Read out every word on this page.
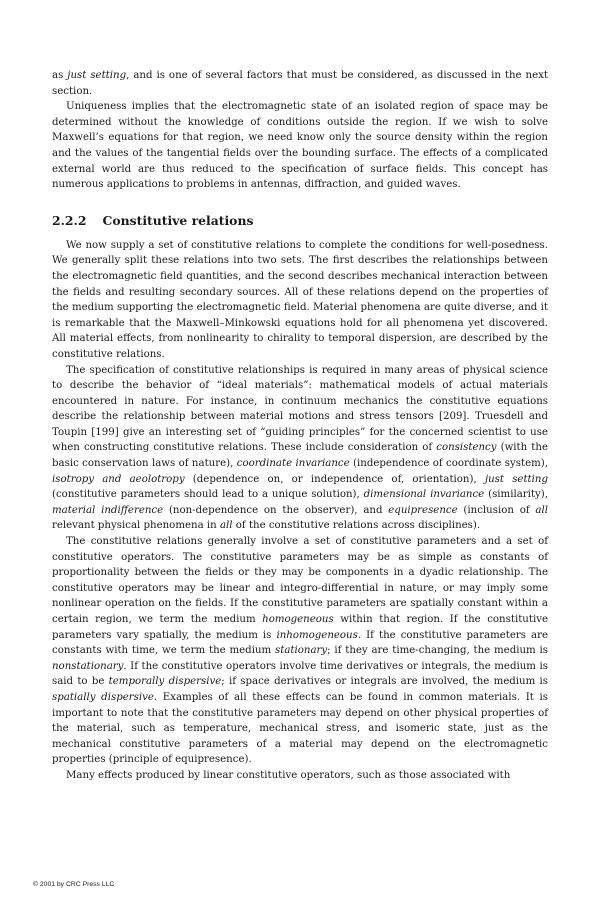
as just setting, and is one of several factors that must be considered, as discussed in the next section.

Uniqueness implies that the electromagnetic state of an isolated region of space may be determined without the knowledge of conditions outside the region. If we wish to solve Maxwell’s equations for that region, we need know only the source density within the region and the values of the tangential fields over the bounding surface. The effects of a complicated external world are thus reduced to the specification of surface fields. This concept has numerous applications to problems in antennas, diffraction, and guided waves.

2.2.2 Constitutive relations

We now supply a set of constitutive relations to complete the conditions for well-posedness. We generally split these relations into two sets. The first describes the relationships between the electromagnetic field quantities, and the second describes mechanical interaction between the fields and resulting secondary sources. All of these relations depend on the properties of the medium supporting the electromagnetic field. Material phenomena are quite diverse, and it is remarkable that the Maxwell–Minkowski equations hold for all phenomena yet discovered. All material effects, from nonlinearity to chirality to temporal dispersion, are described by the constitutive relations.

The specification of constitutive relationships is required in many areas of physical science to describe the behavior of “ideal materials”: mathematical models of actual materials encountered in nature. For instance, in continuum mechanics the constitutive equations describe the relationship between material motions and stress tensors [209]. Truesdell and Toupin [199] give an interesting set of “guiding principles” for the concerned scientist to use when constructing constitutive relations. These include consideration of consistency (with the basic conservation laws of nature), coordinate invariance (independence of coordinate system), isotropy and aeolotropy (dependence on, or independence of, orientation), just setting (constitutive parameters should lead to a unique solution), dimensional invariance (similarity), material indifference (non-dependence on the observer), and equipresence (inclusion of all relevant physical phenomena in all of the constitutive relations across disciplines).

The constitutive relations generally involve a set of constitutive parameters and a set of constitutive operators. The constitutive parameters may be as simple as constants of proportionality between the fields or they may be components in a dyadic relationship. The constitutive operators may be linear and integro-differential in nature, or may imply some nonlinear operation on the fields. If the constitutive parameters are spatially constant within a certain region, we term the medium homogeneous within that region. If the constitutive parameters vary spatially, the medium is inhomogeneous. If the constitutive parameters are constants with time, we term the medium stationary; if they are time-changing, the medium is nonstationary. If the constitutive operators involve time derivatives or integrals, the medium is said to be temporally dispersive; if space derivatives or integrals are involved, the medium is spatially dispersive. Examples of all these effects can be found in common materials. It is important to note that the constitutive parameters may depend on other physical properties of the material, such as temperature, mechanical stress, and isomeric state, just as the mechanical constitutive parameters of a material may depend on the electromagnetic properties (principle of equipresence).

Many effects produced by linear constitutive operators, such as those associated with

© 2001 by CRC Press LLC
